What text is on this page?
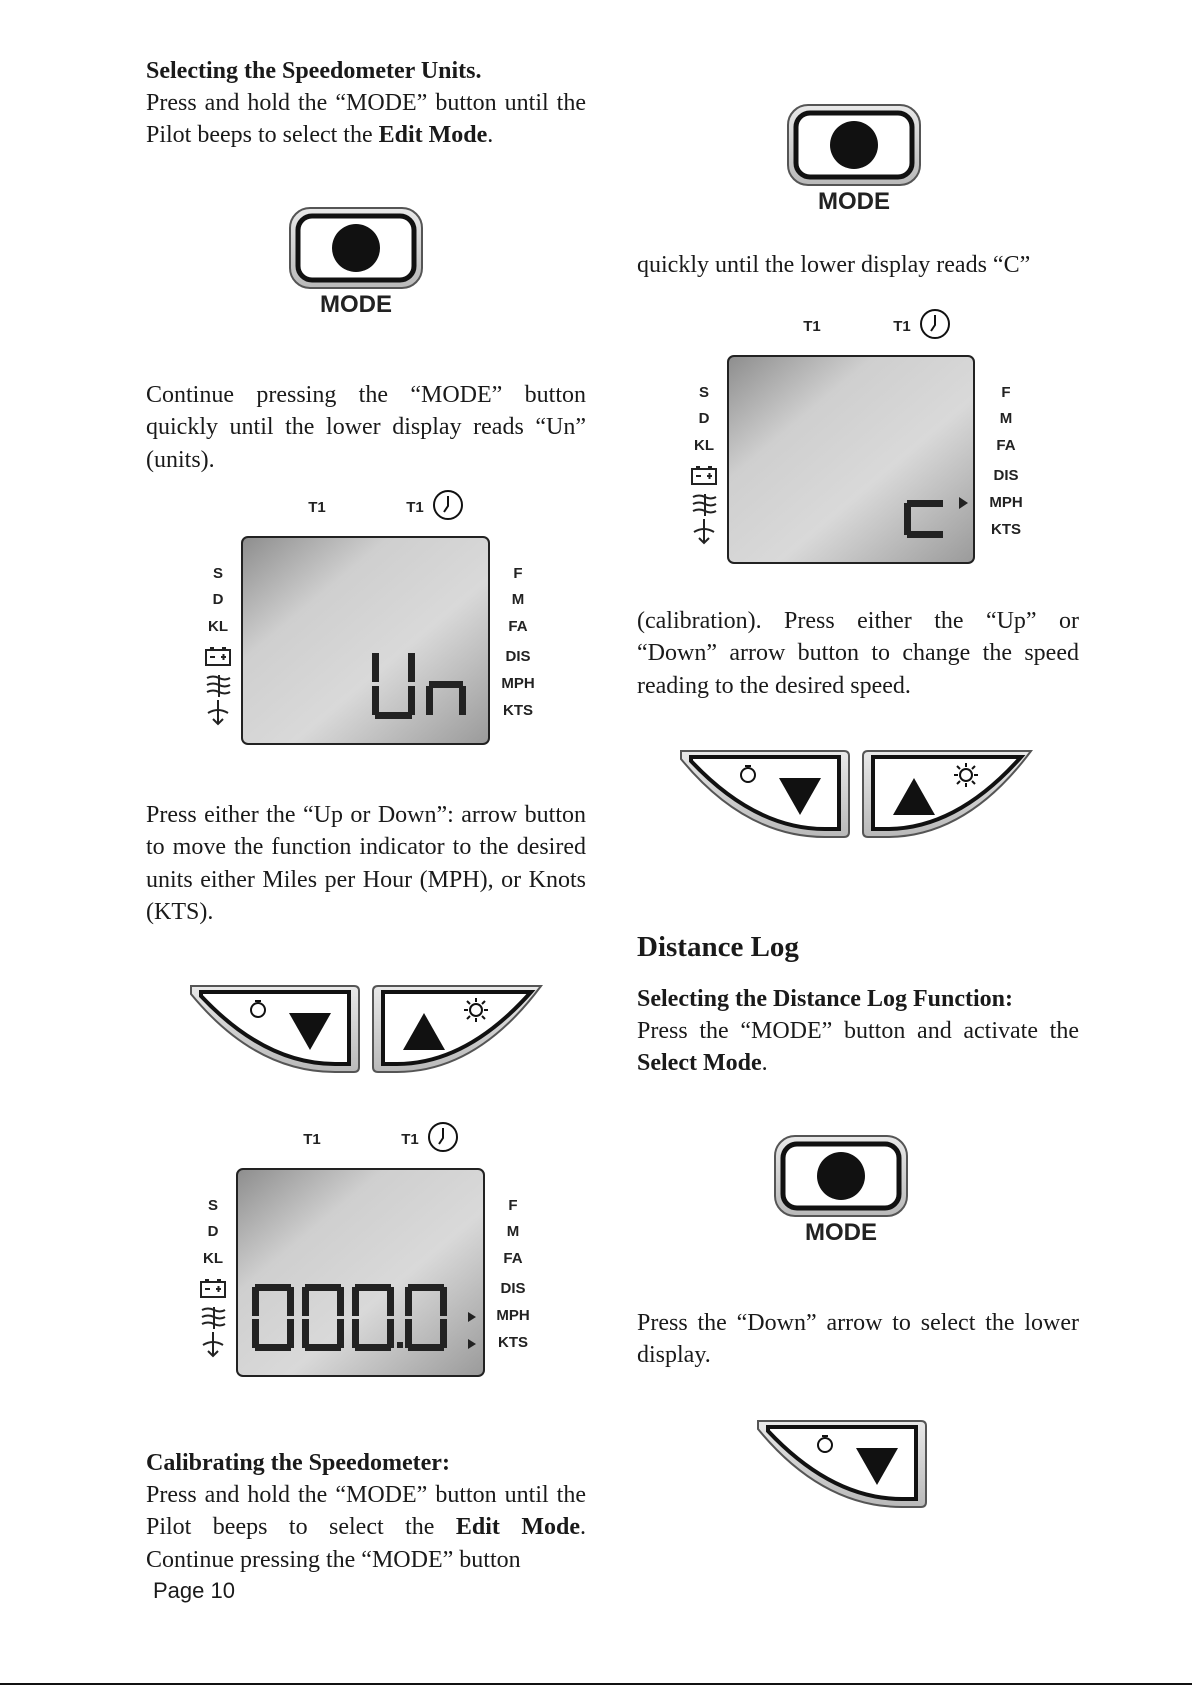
Selecting the Speedometer Units.
Press and hold the “MODE” button until the Pilot beeps to select the Edit Mode.
MODE
Continue pressing the “MODE” button quickly until the lower display reads “Un” (units).
T1	T1
S
D
KL
F
M
FA
DIS
MPH
KTS
Press either the “Up or Down”: arrow button to move the function indicator to the desired units either Miles per Hour (MPH), or Knots (KTS).
T1	T1
S
D
KL
F
M
FA
DIS
MPH
KTS
Calibrating the Speedometer:
Press and hold the “MODE” button until the Pilot beeps to select the Edit Mode. Continue pressing the “MODE” button
Page 10
MODE
quickly until the lower display reads “C”
T1	T1
S
D
KL
F
M
FA
DIS
MPH
KTS
(calibration). Press either the “Up” or “Down” arrow button to change the speed reading to the desired speed.
Distance Log
Selecting the Distance Log Function:
Press the “MODE” button and activate the Select Mode.
MODE
Press the “Down” arrow to select the lower display.
